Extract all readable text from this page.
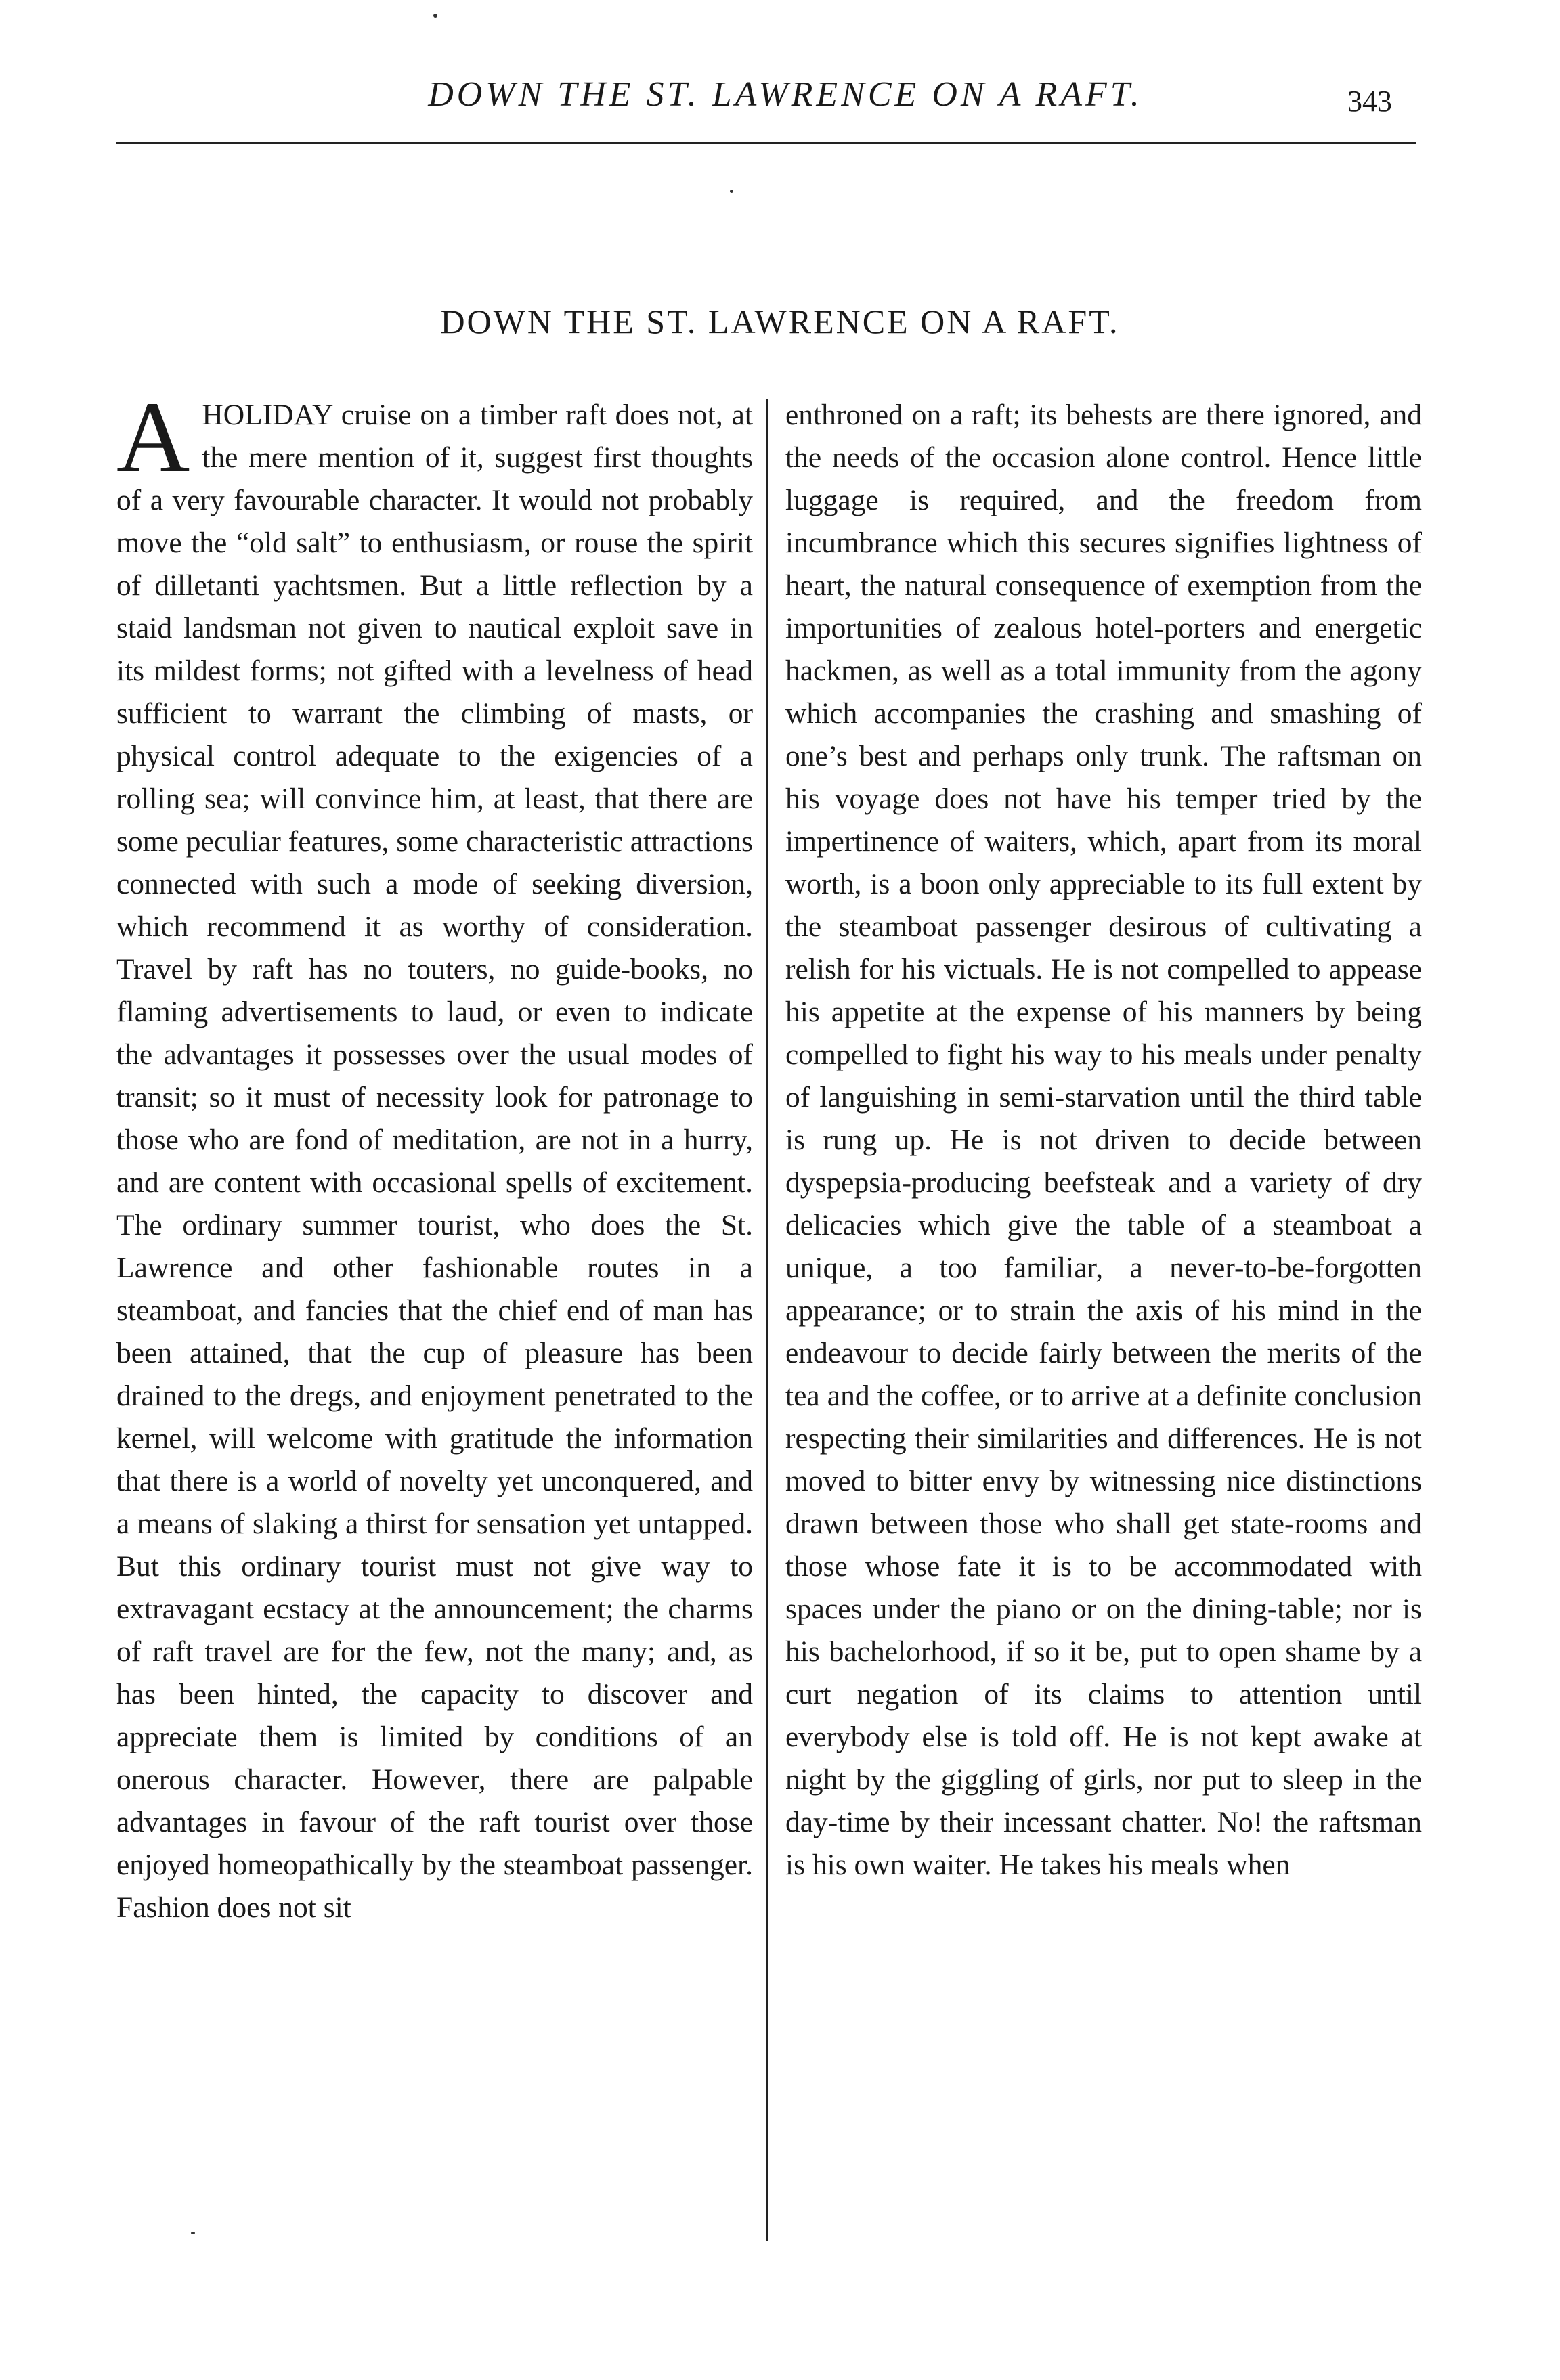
DOWN THE ST. LAWRENCE ON A RAFT.	343
DOWN THE ST. LAWRENCE ON A RAFT.
A HOLIDAY cruise on a timber raft does not, at the mere mention of it, suggest first thoughts of a very favourable character. It would not probably move the “old salt” to enthusiasm, or rouse the spirit of dilletanti yachtsmen. But a little reflection by a staid landsman not given to nautical exploit save in its mildest forms; not gifted with a levelness of head sufficient to warrant the climbing of masts, or physical control adequate to the exigencies of a rolling sea; will convince him, at least, that there are some peculiar features, some characteristic attractions connected with such a mode of seeking diversion, which recommend it as worthy of consideration. Travel by raft has no touters, no guide-books, no flaming advertisements to laud, or even to indicate the advantages it possesses over the usual modes of transit; so it must of necessity look for patronage to those who are fond of meditation, are not in a hurry, and are content with occasional spells of excitement. The ordinary summer tourist, who does the St. Lawrence and other fashionable routes in a steamboat, and fancies that the chief end of man has been attained, that the cup of pleasure has been drained to the dregs, and enjoyment penetrated to the kernel, will welcome with gratitude the information that there is a world of novelty yet unconquered, and a means of slaking a thirst for sensation yet untapped. But this ordinary tourist must not give way to extravagant ecstacy at the announcement; the charms of raft travel are for the few, not the many; and, as has been hinted, the capacity to discover and appreciate them is limited by conditions of an onerous character. However, there are palpable advantages in favour of the raft tourist over those enjoyed homeopathically by the steamboat passenger. Fashion does not sit
enthroned on a raft; its behests are there ignored, and the needs of the occasion alone control. Hence little luggage is required, and the freedom from incumbrance which this secures signifies lightness of heart, the natural consequence of exemption from the importunities of zealous hotel-porters and energetic hackmen, as well as a total immunity from the agony which accompanies the crashing and smashing of one’s best and perhaps only trunk. The raftsman on his voyage does not have his temper tried by the impertinence of waiters, which, apart from its moral worth, is a boon only appreciable to its full extent by the steamboat passenger desirous of cultivating a relish for his victuals. He is not compelled to appease his appetite at the expense of his manners by being compelled to fight his way to his meals under penalty of languishing in semi-starvation until the third table is rung up. He is not driven to decide between dyspepsia-producing beefsteak and a variety of dry delicacies which give the table of a steamboat a unique, a too familiar, a never-to-be-forgotten appearance; or to strain the axis of his mind in the endeavour to decide fairly between the merits of the tea and the coffee, or to arrive at a definite conclusion respecting their similarities and differences. He is not moved to bitter envy by witnessing nice distinctions drawn between those who shall get state-rooms and those whose fate it is to be accommodated with spaces under the piano or on the dining-table; nor is his bachelorhood, if so it be, put to open shame by a curt negation of its claims to attention until everybody else is told off. He is not kept awake at night by the giggling of girls, nor put to sleep in the day-time by their incessant chatter. No! the raftsman is his own waiter. He takes his meals when
